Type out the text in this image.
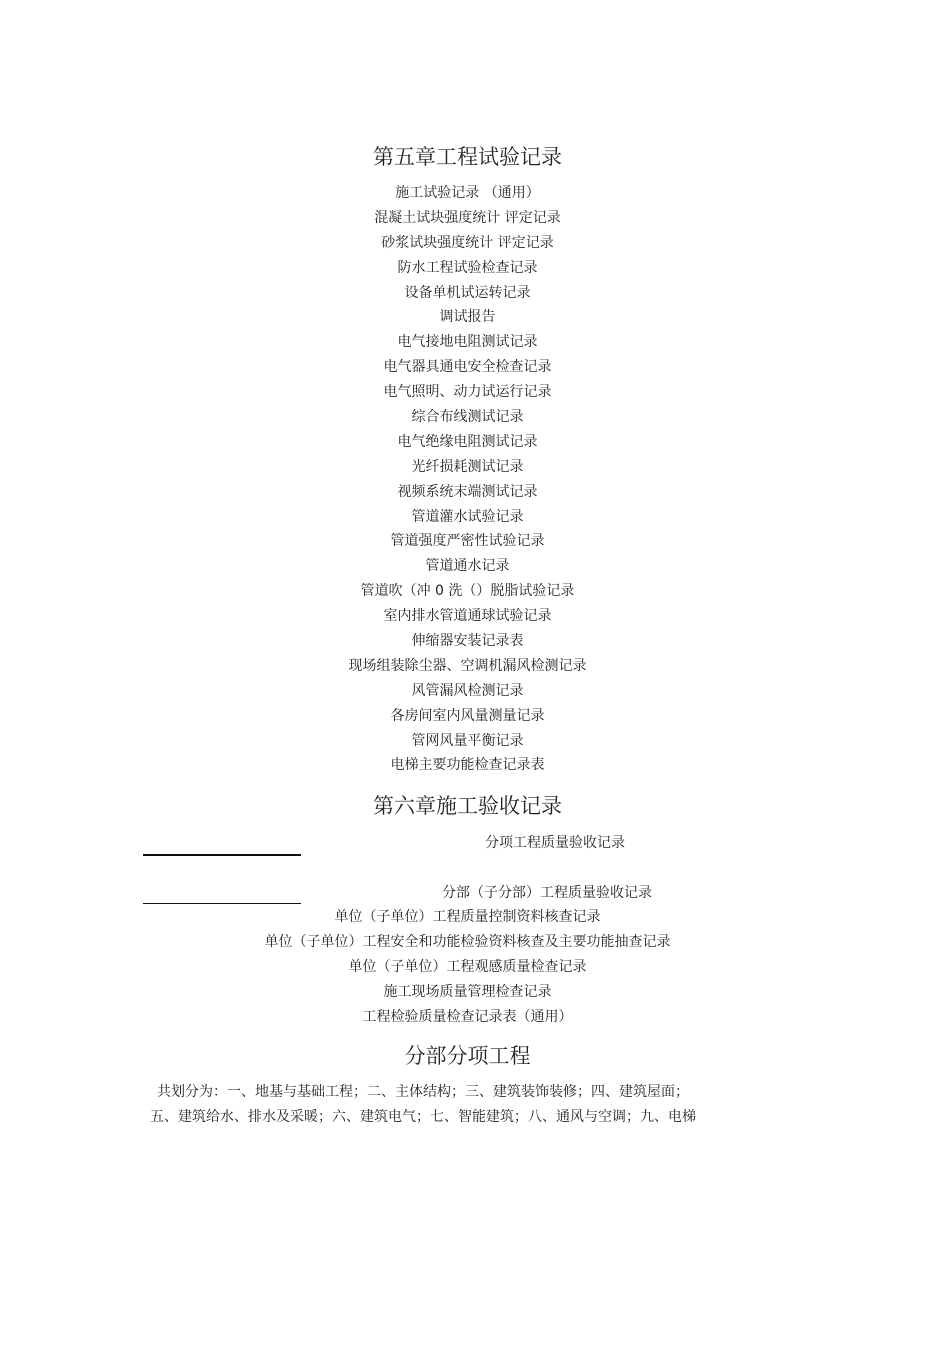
第五章工程试验记录
施工试验记录 （通用）
混凝土试块强度统计 评定记录
砂浆试块强度统计 评定记录
防水工程试验检查记录
设备单机试运转记录
调试报告
电气接地电阻测试记录
电气器具通电安全检查记录
电气照明、动力试运行记录
综合布线测试记录
电气绝缘电阻测试记录
光纤损耗测试记录
视频系统末端测试记录
管道灌水试验记录
管道强度严密性试验记录
管道通水记录
管道吹（冲 0 洗（）脱脂试验记录
室内排水管道通球试验记录
伸缩器安装记录表
现场组装除尘器、空调机漏风检测记录
风管漏风检测记录
各房间室内风量测量记录
管网风量平衡记录
电梯主要功能检查记录表
第六章施工验收记录
分项工程质量验收记录
分部（子分部）工程质量验收记录
单位（子单位）工程质量控制资料核查记录
单位（子单位）工程安全和功能检验资料核查及主要功能抽查记录
单位（子单位）工程观感质量检查记录
施工现场质量管理检查记录
工程检验质量检查记录表（通用）
分部分项工程
共划分为：一、地基与基础工程；二、主体结构；三、建筑装饰装修；四、建筑屋面；
五、建筑给水、排水及采暖；六、建筑电气；七、智能建筑；八、通风与空调；九、电梯
